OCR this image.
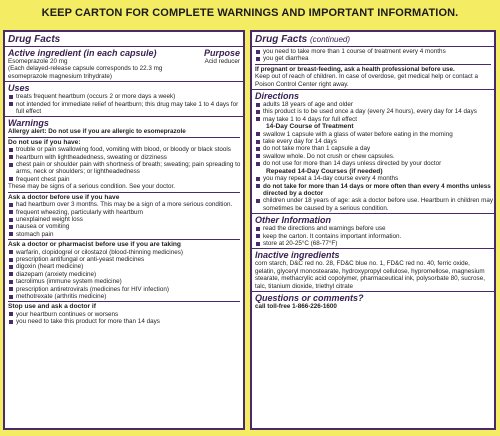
KEEP CARTON FOR COMPLETE WARNINGS AND IMPORTANT INFORMATION.
Drug Facts
Active ingredient (in each capsule)	Purpose
Esomeprazole 20 mg	Acid reducer
(Each delayed-release capsule corresponds to 22.3 mg
esomeprazole magnesium trihydrate)
Uses
treats frequent heartburn (occurs 2 or more days a week)
not intended for immediate relief of heartburn; this drug may take 1 to 4 days for full effect
Warnings
Allergy alert: Do not use if you are allergic to esomeprazole
Do not use if you have:
trouble or pain swallowing food, vomiting with blood, or bloody or black stools
heartburn with lightheadedness, sweating or dizziness
chest pain or shoulder pain with shortness of breath; sweating; pain spreading to arms, neck or shoulders; or lightheadedness
frequent chest pain
These may be signs of a serious condition. See your doctor.
Ask a doctor before use if you have
had heartburn over 3 months. This may be a sign of a more serious condition.
frequent wheezing, particularly with heartburn
unexplained weight loss
nausea or vomiting
stomach pain
Ask a doctor or pharmacist before use if you are taking
warfarin, clopidogrel or cilostazol (blood-thinning medicines)
prescription antifungal or anti-yeast medicines
digoxin (heart medicine)
diazepam (anxiety medicine)
tacrolimus (immune system medicine)
prescription antiretrovirals (medicines for HIV infection)
methotrexate (arthritis medicine)
Stop use and ask a doctor if
your heartburn continues or worsens
you need to take this product for more than 14 days
Drug Facts (continued)
you need to take more than 1 course of treatment every 4 months
you get diarrhea
If pregnant or breast-feeding, ask a health professional before use.
Keep out of reach of children. In case of overdose, get medical help or contact a Poison Control Center right away.
Directions
adults 18 years of age and older
this product is to be used once a day (every 24 hours), every day for 14 days
may take 1 to 4 days for full effect
14-Day Course of Treatment
swallow 1 capsule with a glass of water before eating in the morning
take every day for 14 days
do not take more than 1 capsule a day
swallow whole. Do not crush or chew capsules.
do not use for more than 14 days unless directed by your doctor
Repeated 14-Day Courses (if needed)
you may repeat a 14-day course every 4 months
do not take for more than 14 days or more often than every 4 months unless directed by a doctor
children under 18 years of age: ask a doctor before use. Heartburn in children may sometimes be caused by a serious condition.
Other Information
read the directions and warnings before use
keep the carton. It contains important information.
store at 20-25°C (68-77°F)
Inactive ingredients
corn starch, D&C red no. 28, FD&C blue no. 1, FD&C red no. 40, ferric oxide, gelatin, glyceryl monostearate, hydroxypropyl cellulose, hypromellose, magnesium stearate, methacrylic acid copolymer, pharmaceutical ink, polysorbate 80, sucrose, talc, titanium dioxide, triethyl citrate
Questions or comments?
call toll-free 1-866-226-1600
